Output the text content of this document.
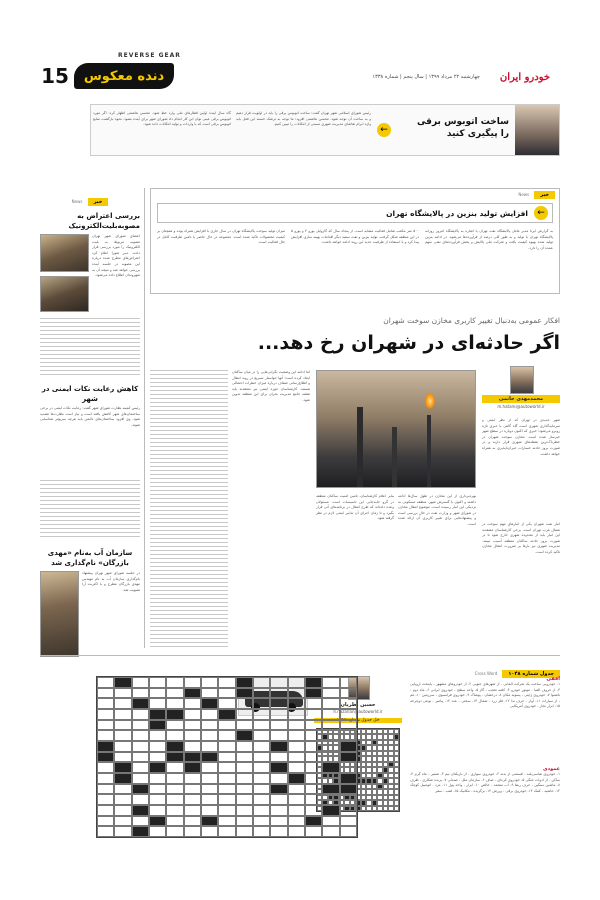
15
REVERSE GEAR
دنده معکوس	چهارشنبه ۲۲ مرداد ۱۳۹۹ | سال پنجم | شماره ۱۳۳۸ خودرو ایران
ساخت اتوبوس برقی
را پیگیری کنید
←
رئیس شورای اسلامی شهر تهران گفت: ساخت اتوبوس برقی را باید در اولویت قرار دهیم و به ساخت آن توجه شود. محسن هاشمی افزود: ما توجه به ترشک خسته این فعل باید واژه ابرام تقاضای مدیریت شهری نسبتی از امکانات را تبیین کنیم.
گاه سال آینده اولین قطارهای ملی وارد خط شود. محسن هاشمی اظهار کرد: اگر مورد اتوبوس برقی عینی توان این کار انجام داد شورای شهر برای آینده بشود. نحوه بازگشت منابع اتوبوس برقی است که با واردات و تولید امکانات داده شود.
خبر News
←
افزایش تولید بنزین در پالایشگاه تهران
به گزارش ایرنا مدیر عامل پالایشگاه نفت تهران با اشاره به پالایشگاه امروز روزانه پالایشگاه تهران با تولید و به طور کلی درصد از فرآورده‌ها می‌شود. در ادامه بنزین تولید شده بهبود کیفیت یافت و شرکت ملی پالایش و پخش فرآورده‌های نفتی سهم عمده آن را دارد.
۵۰۰ متر مکعب شامل فعالیت مشابه است. از پنجاه سال که گازوئیل یورو ۴ و یورو ۵ در این منطقه شکل گرفت، تولید بنزین و نفت سفید دیگر اقدامات بهینه سازی افزایش پیدا کرد و با استفاده از ظرفیت جدید این روند ادامه خواهد داشت.
میزان تولید سوخت پالایشگاه تهران در سال جاری با افزایش همراه بوده و همچنان بر کیفیت محصولات تاکید شده است. مجموعه در حال حاضر با تامین ظرفیت کامل در حال فعالیت است.
خبر News
بررسی اعتراض به مصوبه‌بلیت‌الکترونیک
اعضای شورای شهر تهران مصوبه مربوط به بلیت الکترونیک را مورد بررسی قرار دادند. دبیر شورا اعلام کرد اعتراض‌های مطرح شده درباره این مصوبه در جلسه آینده بررسی خواهد شد و نتیجه آن به شهروندان اطلاع داده می‌شود.
کاهش رعایت نکات ایمنی در شهر
رئیس کمیته نظارت شورای شهر گفت: رعایت نکات ایمنی در برخی ساختمان‌های شهر کاهش یافته است و نیاز است نظارت‌ها تشدید شود. وی افزود ساختمان‌های ناایمن باید هرچه سریع‌تر شناسایی شوند.
سازمان آب به‌نام «مهدی بازرگان» نام‌گذاری شد
در جلسه شورای شهر تهران پیشنهاد نام‌گذاری سازمان آب به نام مهندس مهدی بازرگان مطرح و با اکثریت آرا تصویب شد.
افکار عمومی به‌دنبال تغییر کاربری مخازن سوخت شهران
اگر حادثه‌ای در شهران رخ دهد...
محمدمهدی حاتمی
m.hatami@autoworld.ir
شهر جدیدی در تهران که از نظر ایمنی و سرمایه‌گذاری شهری است گاه گاهی با خبری تازه روبرو می‌شود؛ خبری که اکنون دوباره در سطح شهر خبرساز شده است. مخازن سوخت شهران در خطرناک‌ترین نقطه‌های شهری قرار دارند و در صورت بروز حادثه خسارات جبران‌ناپذیری به همراه خواهد داشت.
انبار نفت شهران یکی از انبارهای مهم سوخت در شمال غرب تهران است. برخی کارشناسان معتقدند این انبار باید از محدوده شهری خارج شود تا در صورت بروز حادثه ساکنان منطقه آسیب نبینند. مدیریت شهری نیز بارها بر ضرورت انتقال مخازن تاکید کرده است.
بهره‌برداری از این مخازن در طول سال‌ها ادامه داشته و اکنون با گسترش شهر، منطقه مسکونی به نزدیکی این انبار رسیده است. موضوع انتقال مخازن در شورای شهر و وزارت نفت در حال بررسی است و پیشنهادهایی برای تغییر کاربری آن ارائه شده است.
بنابر اعلام کارشناسان، تامین امنیت ساکنان منطقه در گرو جابه‌جایی این تاسیسات است. مسئولان وعده داده‌اند که طرح انتقال در برنامه‌های آتی قرار بگیرد و تا زمان اجرای آن تدابیر ایمنی لازم در نظر گرفته شود.
اما ادامه این وضعیت نگرانی‌هایی را در میان ساکنان ایجاد کرده است؛ آنها خواستار تسریع در روند انتقال و اطلاع‌رسانی شفاف درباره میزان خطرات احتمالی هستند. کارشناسان حوزه ایمنی نیز معتقدند باید نقشه جامع مدیریت بحران برای این منطقه تدوین شود.
جدول شماره ۱۰۴۸ Cross Word
افقی
۱- خودرویی ساخت یک شرکت آلمانی - از شهرهای جنوبی ۲- از خودروهای مشهور - پایتخت اروپایی ۳- از حروف الفبا - موتور خودرو ۴- کلمه تعجب - گاز ۵- واحد سطح - خودروی ایرانی ۶- ماه دوم - ناشنوا ۷- خودروی ژاپنی - پسوند مکان ۸- درخشان - پوشاک ۹- خودروی فرانسوی - سرزمین ۱۰- غم - از سیارات ۱۱- آواز - حرف ندا ۱۲- فلز زرد - شمال ۱۳- سختی - عدد ۱۴- پیامبر - نوعی دوچرخه ۱۵- ابزار نجار - خودروی آمریکایی
عمودی
۱- خودروی شاسی‌بلند - قسمتی از بدنه ۲- خودروی سواری - از بازیکنان تیم ۳- ضمیر - ماه گرم ۴- ساکن - از ادوات جنگی ۵- خودروی کره‌ای - صاف ۶- سازمان ملل - صندلی ۷- پرنده شکاری - ظرف ۸- ماشین سنگین - حرف ربط ۹- آب منجمد - خالص ۱۰- ابزار - واحد پول ۱۱- مرد - اتومبیل کوچک ۱۲- حاشیه - کمک ۱۳- خودروی برقی - ورزش ۱۴- برگزیده - مکانیک ۱۵- لقب - سفر
حسین نظریان
h.nazarian@autoworld.ir
حل جدول شماره ۱۰۴۷
